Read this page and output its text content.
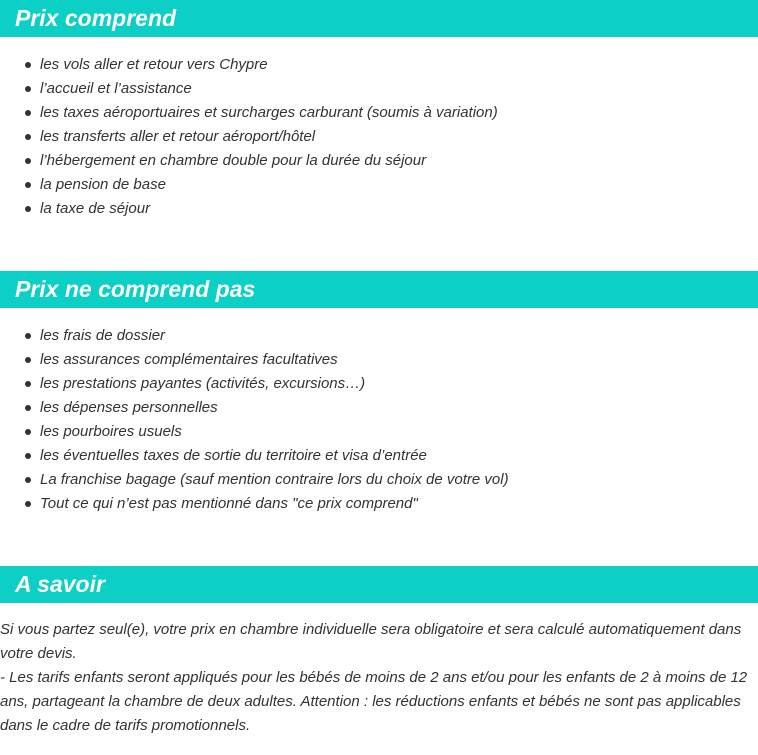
Prix comprend
les vols aller et retour vers Chypre
l’accueil et l’assistance
les taxes aéroportuaires et surcharges carburant (soumis à variation)
les transferts aller et retour aéroport/hôtel
l’hébergement en chambre double pour la durée du séjour
la pension de base
la taxe de séjour
Prix ne comprend pas
les frais de dossier
les assurances complémentaires facultatives
les prestations payantes (activités, excursions…)
les dépenses personnelles
les pourboires usuels
les éventuelles taxes de sortie du territoire et visa d’entrée
La franchise bagage (sauf mention contraire lors du choix de votre vol)
Tout ce qui n’est pas mentionné dans "ce prix comprend"
A savoir

Si vous partez seul(e), votre prix en chambre individuelle sera obligatoire et sera calculé automatiquement dans votre devis.

- Les tarifs enfants seront appliqués pour les bébés de moins de 2 ans et/ou pour les enfants de 2 à moins de 12 ans, partageant la chambre de deux adultes. Attention : les réductions enfants et bébés ne sont pas applicables dans le cadre de tarifs promotionnels.
